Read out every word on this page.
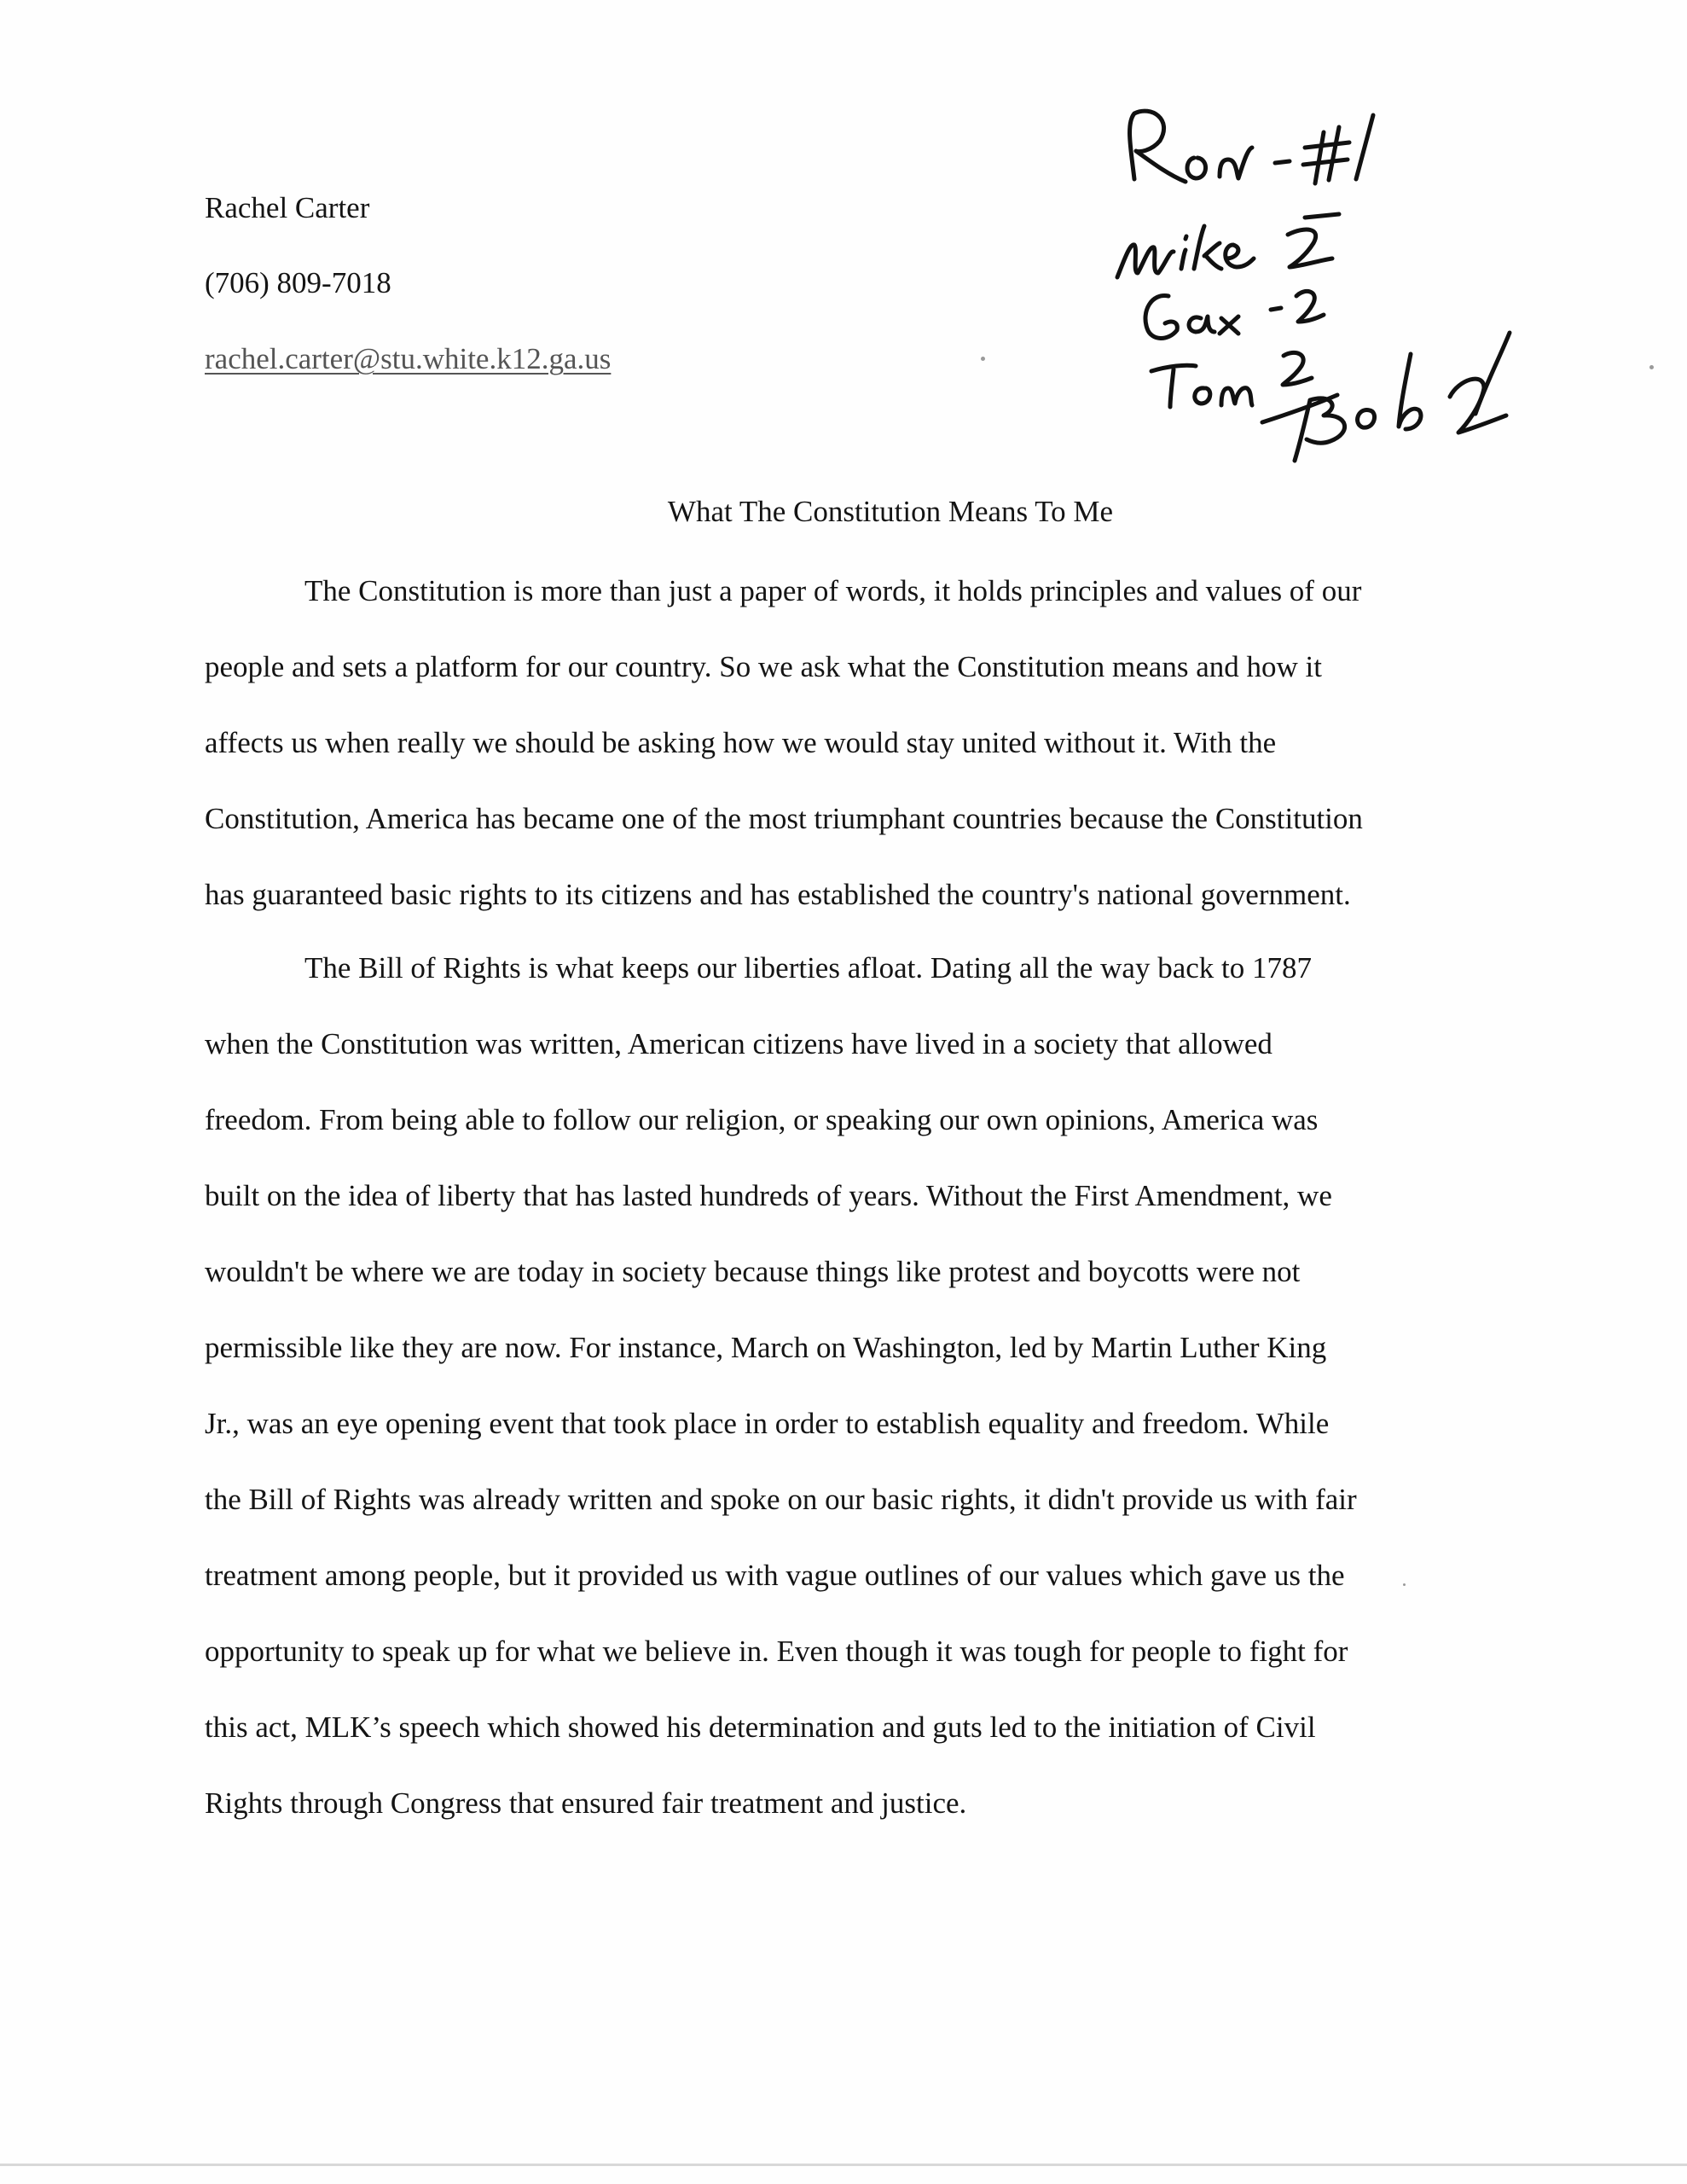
Rachel Carter

(706) 809-7018

rachel.carter@stu.white.k12.ga.us

What The Constitution Means To Me

The Constitution is more than just a paper of words, it holds principles and values of our
people and sets a platform for our country. So we ask what the Constitution means and how it
affects us when really we should be asking how we would stay united without it. With the
Constitution, America has became one of the most triumphant countries because the Constitution
has guaranteed basic rights to its citizens and has established the country's national government.
The Bill of Rights is what keeps our liberties afloat. Dating all the way back to 1787
when the Constitution was written, American citizens have lived in a society that allowed
freedom. From being able to follow our religion, or speaking our own opinions, America was
built on the idea of liberty that has lasted hundreds of years. Without the First Amendment, we
wouldn't be where we are today in society because things like protest and boycotts were not
permissible like they are now. For instance, March on Washington, led by Martin Luther King
Jr., was an eye opening event that took place in order to establish equality and freedom. While
the Bill of Rights was already written and spoke on our basic rights, it didn't provide us with fair
treatment among people, but it provided us with vague outlines of our values which gave us the
opportunity to speak up for what we believe in. Even though it was tough for people to fight for
this act, MLK’s speech which showed his determination and guts led to the initiation of Civil
Rights through Congress that ensured fair treatment and justice.
